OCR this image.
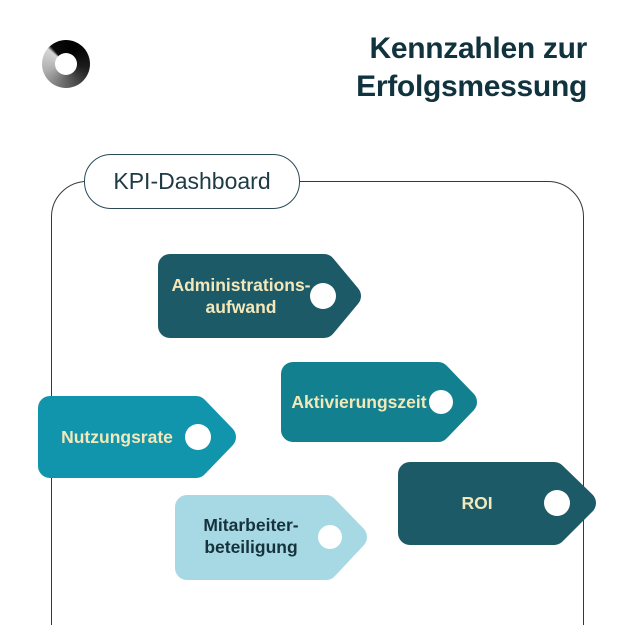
Kennzahlen zur
Erfolgsmessung
KPI-Dashboard
Administrations-
aufwand
Aktivierungszeit
Nutzungsrate
ROI
Mitarbeiter-
beteiligung
